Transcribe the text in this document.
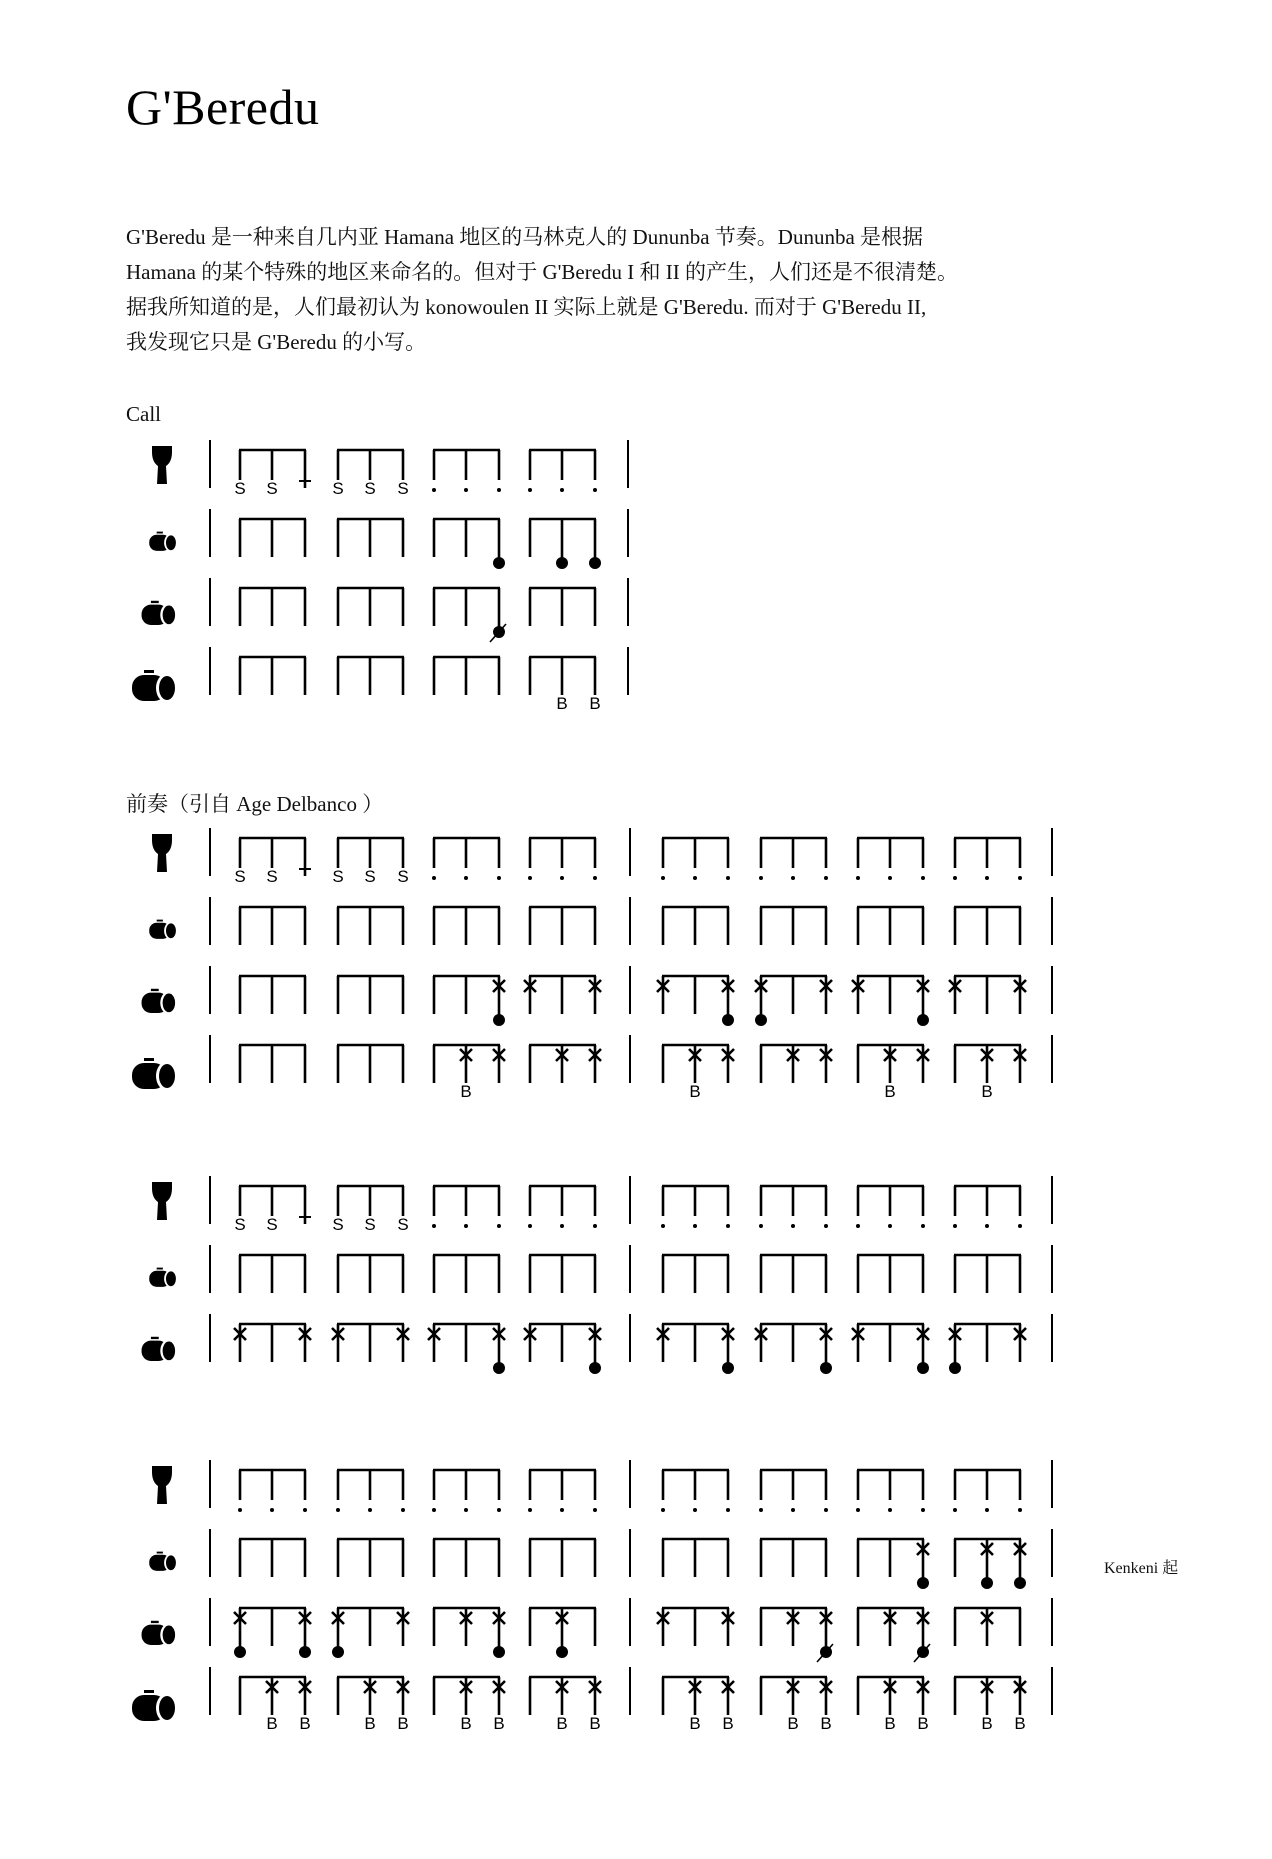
G'Beredu

G'Beredu 是一种来自几内亚 Hamana 地区的马林克人的 Dununba 节奏。Dununba 是根据

Hamana 的某个特殊的地区来命名的。但对于 G'Beredu I 和 II 的产生，人们还是不很清楚。

据我所知道的是，人们最初认为 konowoulen II 实际上就是 G'Beredu. 而对于 G'Beredu II,

我发现它只是 G'Beredu 的小写。

Call
前奏（引自 Age Delbanco ）
Kenkeni 起
S S	S S S
B B
S S	S S S
B	B	B	B
S S	S S S
B B	B B	B B	B B	B B	B B	B B	B B
